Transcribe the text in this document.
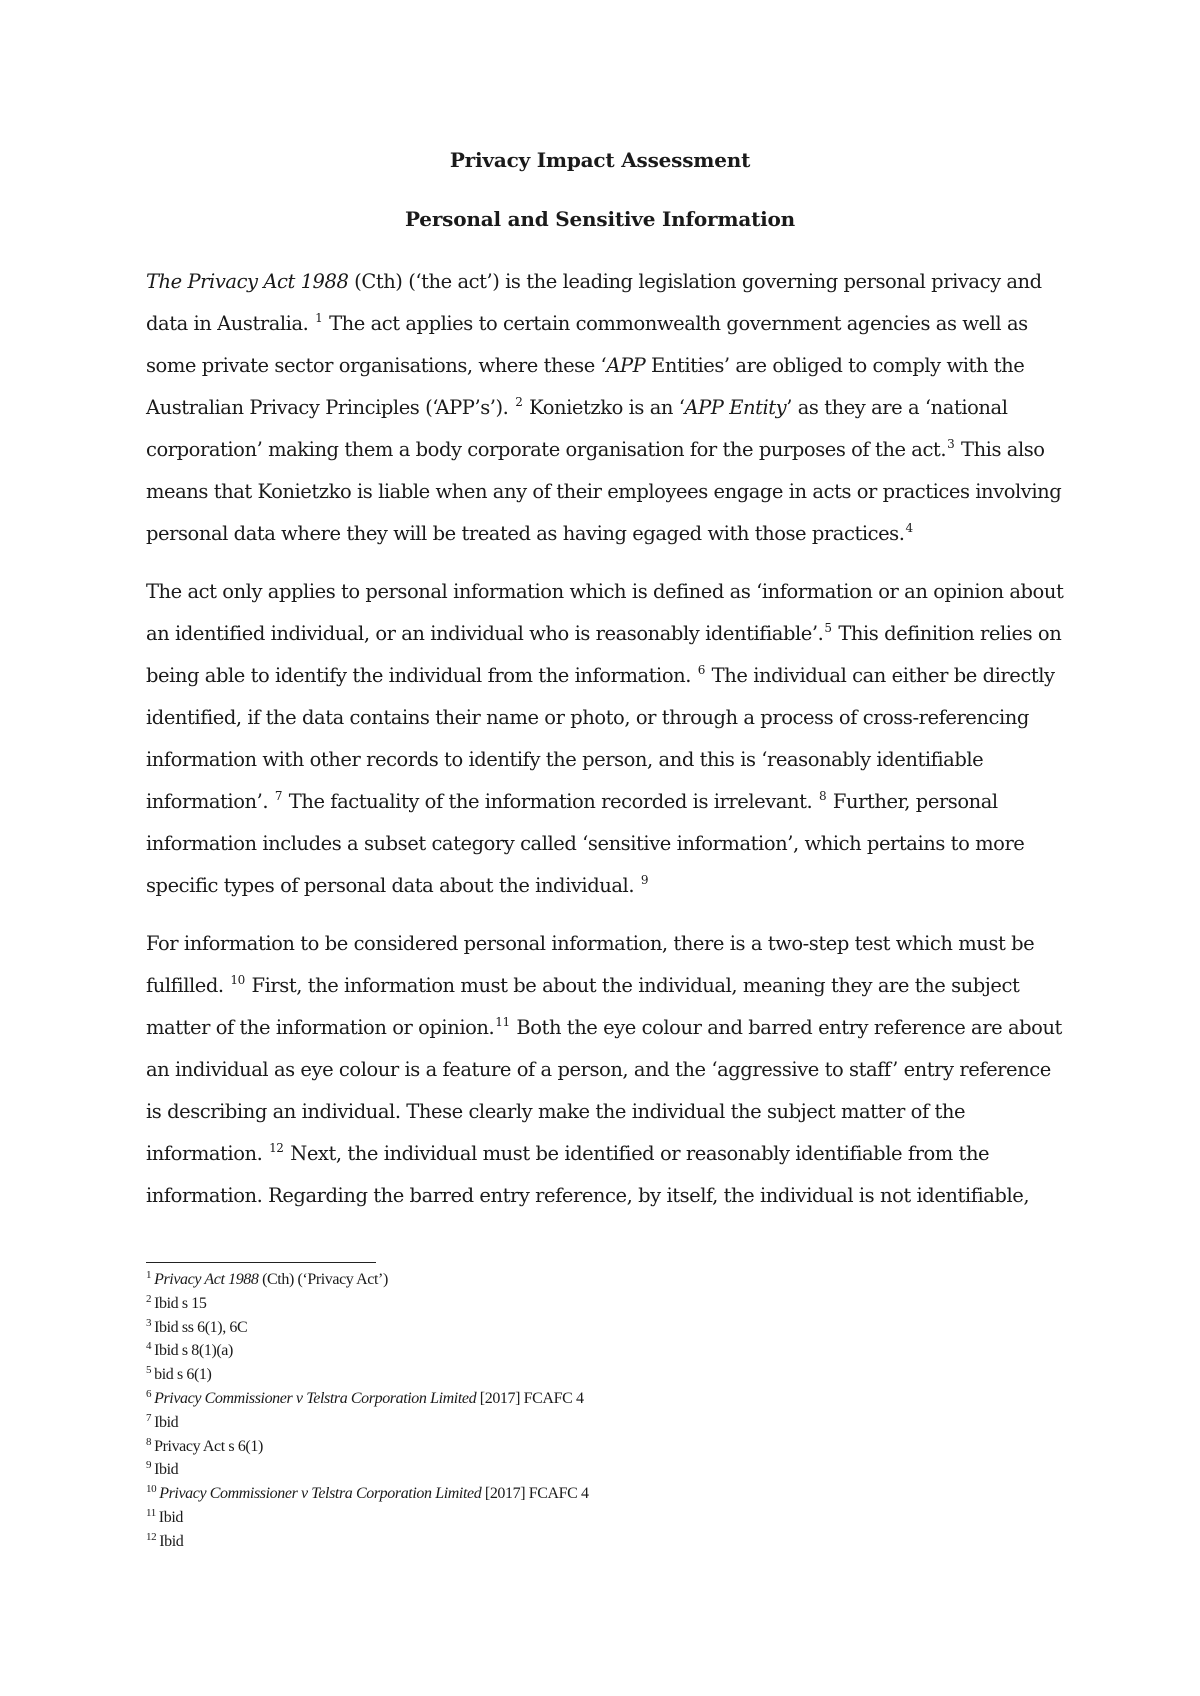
Privacy Impact Assessment
Personal and Sensitive Information

The Privacy Act 1988 (Cth) (‘the act’) is the leading legislation governing personal privacy and data in Australia. $^1$ The act applies to certain commonwealth government agencies as well as some private sector organisations, where these ‘APP Entities’ are obliged to comply with the Australian Privacy Principles (‘APP’s’). $^2$ Konietzko is an ‘APP Entity’ as they are a ‘national corporation’ making them a body corporate organisation for the purposes of the act.$^3$ This also means that Konietzko is liable when any of their employees engage in acts or practices involving personal data where they will be treated as having egaged with those practices.$^4$

The act only applies to personal information which is defined as ‘information or an opinion about an identified individual, or an individual who is reasonably identifiable’.$^5$ This definition relies on being able to identify the individual from the information. $^6$ The individual can either be directly identified, if the data contains their name or photo, or through a process of cross-referencing information with other records to identify the person, and this is ‘reasonably identifiable information’. $^7$ The factuality of the information recorded is irrelevant. $^8$ Further, personal information includes a subset category called ‘sensitive information’, which pertains to more specific types of personal data about the individual. $^9$

For information to be considered personal information, there is a two-step test which must be fulfilled. $^{10}$ First, the information must be about the individual, meaning they are the subject matter of the information or opinion.$^{11}$ Both the eye colour and barred entry reference are about an individual as eye colour is a feature of a person, and the ‘aggressive to staff’ entry reference is describing an individual. These clearly make the individual the subject matter of the information. $^{12}$ Next, the individual must be identified or reasonably identifiable from the information. Regarding the barred entry reference, by itself, the individual is not identifiable,

$^1$ Privacy Act 1988 (Cth) (‘Privacy Act’)

$^2$ Ibid s 15

$^3$ Ibid ss 6(1), 6C

$^4$ Ibid s 8(1)(a)

$^5$ bid s 6(1)

$^6$ Privacy Commissioner v Telstra Corporation Limited [2017] FCAFC 4

$^7$ Ibid

$^8$ Privacy Act s 6(1)

$^9$ Ibid

$^{10}$ Privacy Commissioner v Telstra Corporation Limited [2017] FCAFC 4

$^{11}$ Ibid

$^{12}$ Ibid
